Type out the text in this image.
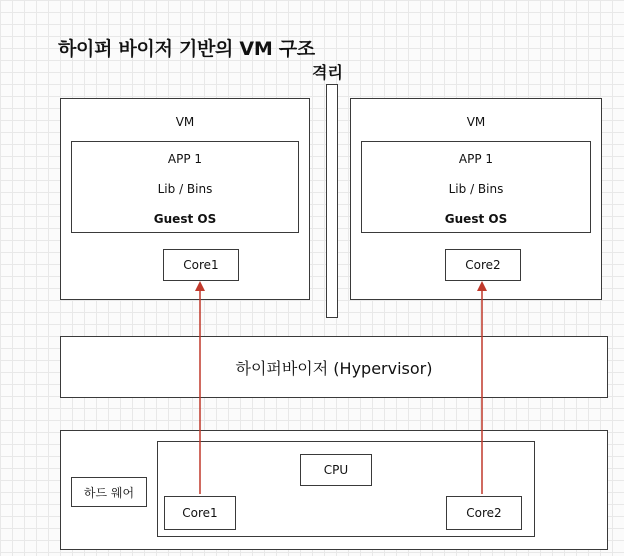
하이퍼 바이저 기반의 VM 구조
격리
VM
APP 1
Lib / Bins
Guest OS
Core1
VM
APP 1
Lib / Bins
Guest OS
Core2
하이퍼바이저 (Hypervisor)
하드 웨어
CPU
Core1	Core2
